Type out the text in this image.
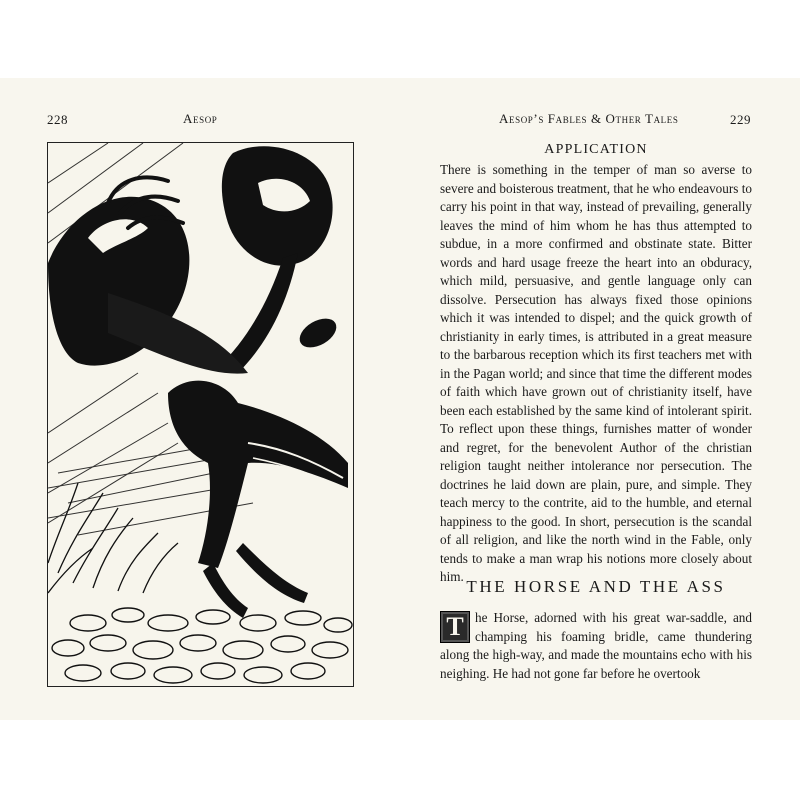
228	Aesop	Aesop’s Fables & Other Tales	229
APPLICATION
There is something in the temper of man so averse to severe and boisterous treatment, that he who endeavours to carry his point in that way, instead of prevailing, generally leaves the mind of him whom he has thus attempted to subdue, in a more confirmed and obstinate state. Bitter words and hard usage freeze the heart into an obduracy, which mild, persuasive, and gentle language only can dissolve. Persecution has always fixed those opinions which it was intended to dispel; and the quick growth of christianity in early times, is attributed in a great measure to the barbarous reception which its first teachers met with in the Pagan world; and since that time the different modes of faith which have grown out of christianity itself, have been each established by the same kind of intolerant spirit. To reflect upon these things, furnishes matter of wonder and regret, for the benevolent Author of the christian religion taught neither intolerance nor persecution. The doctrines he laid down are plain, pure, and simple. They teach mercy to the contrite, aid to the humble, and eternal happiness to the good. In short, persecution is the scandal of all religion, and like the north wind in the Fable, only tends to make a man wrap his notions more closely about him.
THE HORSE AND THE ASS
T he Horse, adorned with his great war-saddle, and champing his foaming bridle, came thundering along the high-way, and made the mountains echo with his neighing. He had not gone far before he overtook
